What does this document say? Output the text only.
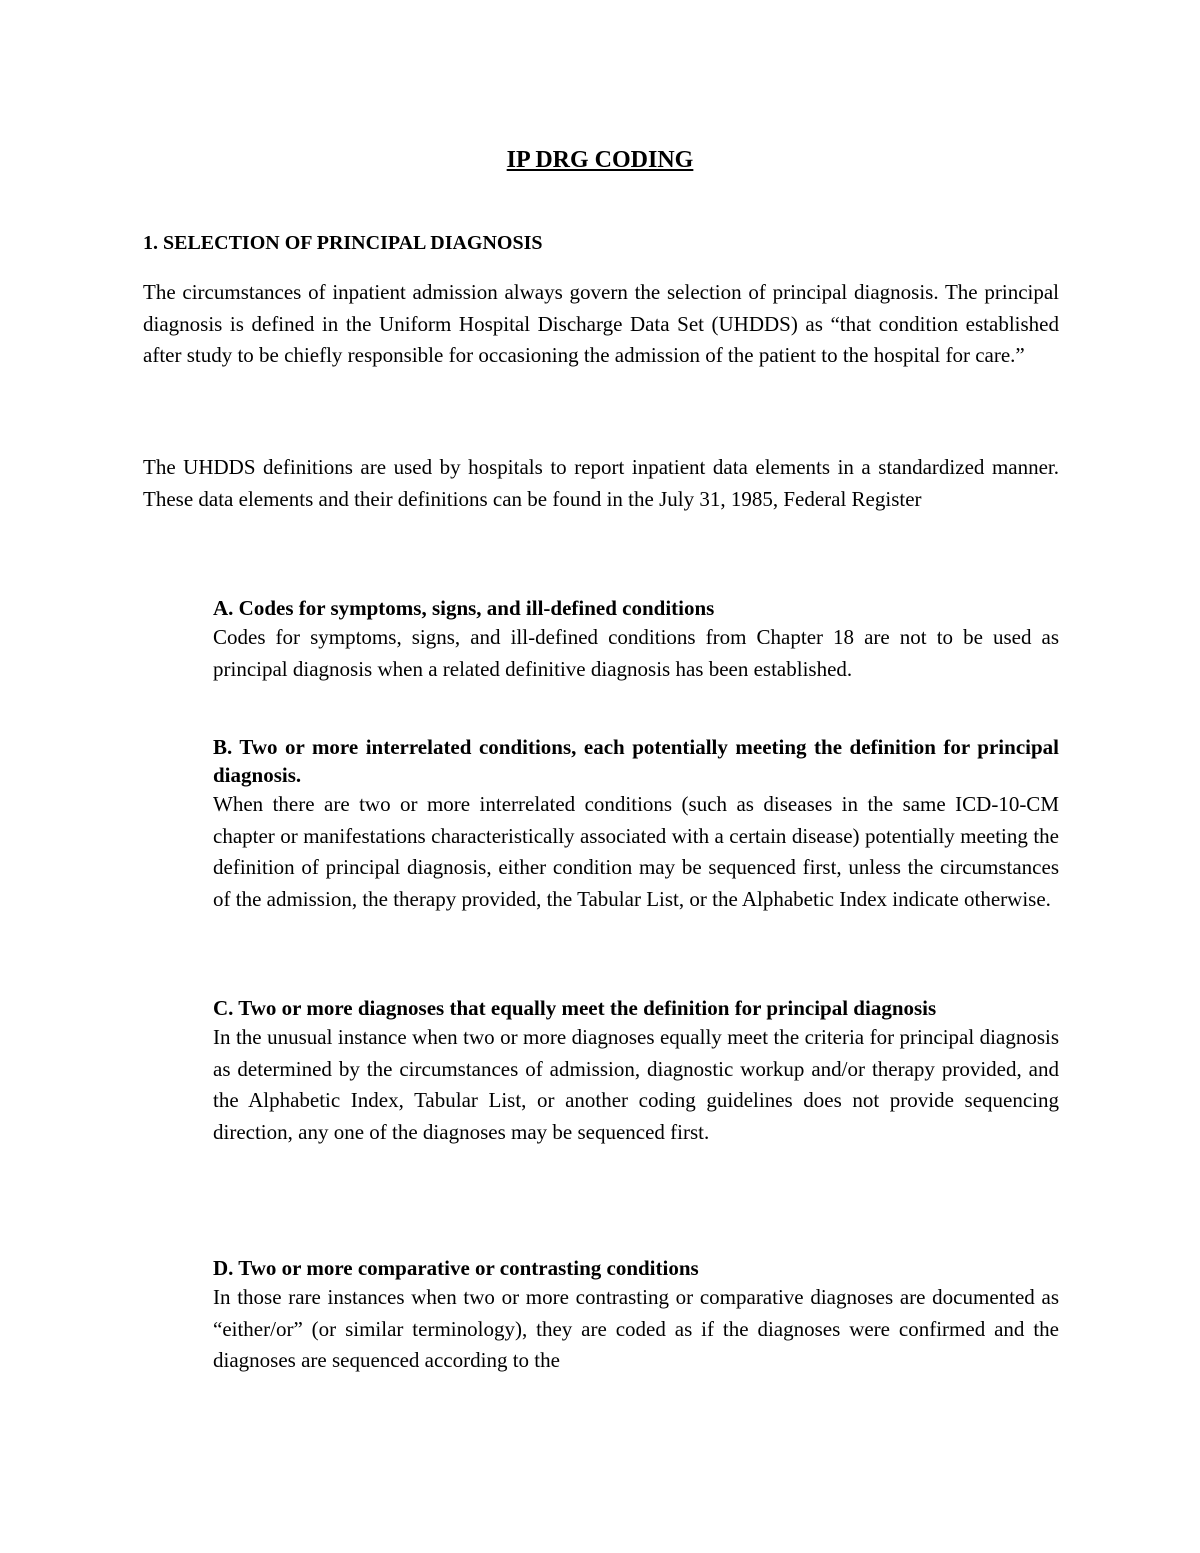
IP DRG CODING
1. SELECTION OF PRINCIPAL DIAGNOSIS

The circumstances of inpatient admission always govern the selection of principal diagnosis. The principal diagnosis is defined in the Uniform Hospital Discharge Data Set (UHDDS) as “that condition established after study to be chiefly responsible for occasioning the admission of the patient to the hospital for care.”

The UHDDS definitions are used by hospitals to report inpatient data elements in a standardized manner. These data elements and their definitions can be found in the July 31, 1985, Federal Register

A. Codes for symptoms, signs, and ill-defined conditions

Codes for symptoms, signs, and ill-defined conditions from Chapter 18 are not to be used as principal diagnosis when a related definitive diagnosis has been established.

B. Two or more interrelated conditions, each potentially meeting the definition for principal diagnosis.

When there are two or more interrelated conditions (such as diseases in the same ICD-10-CM chapter or manifestations characteristically associated with a certain disease) potentially meeting the definition of principal diagnosis, either condition may be sequenced first, unless the circumstances of the admission, the therapy provided, the Tabular List, or the Alphabetic Index indicate otherwise.

C. Two or more diagnoses that equally meet the definition for principal diagnosis

In the unusual instance when two or more diagnoses equally meet the criteria for principal diagnosis as determined by the circumstances of admission, diagnostic workup and/or therapy provided, and the Alphabetic Index, Tabular List, or another coding guidelines does not provide sequencing direction, any one of the diagnoses may be sequenced first.

D. Two or more comparative or contrasting conditions

In those rare instances when two or more contrasting or comparative diagnoses are documented as “either/or” (or similar terminology), they are coded as if the diagnoses were confirmed and the diagnoses are sequenced according to the
